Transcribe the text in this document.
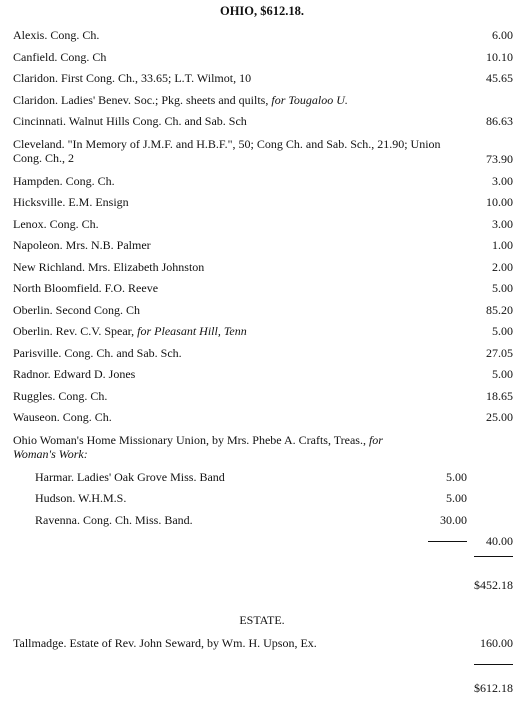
OHIO, $612.18.
Alexis. Cong. Ch.	6.00
Canfield. Cong. Ch	10.10
Claridon. First Cong. Ch., 33.65; L.T. Wilmot, 10	45.65
Claridon. Ladies' Benev. Soc.; Pkg. sheets and quilts, for Tougaloo U.
Cincinnati. Walnut Hills Cong. Ch. and Sab. Sch	86.63
Cleveland. "In Memory of J.M.F. and H.B.F.", 50; Cong Ch. and Sab. Sch., 21.90; Union Cong. Ch., 2	73.90
Hampden. Cong. Ch.	3.00
Hicksville. E.M. Ensign	10.00
Lenox. Cong. Ch.	3.00
Napoleon. Mrs. N.B. Palmer	1.00
New Richland. Mrs. Elizabeth Johnston	2.00
North Bloomfield. F.O. Reeve	5.00
Oberlin. Second Cong. Ch	85.20
Oberlin. Rev. C.V. Spear, for Pleasant Hill, Tenn	5.00
Parisville. Cong. Ch. and Sab. Sch.	27.05
Radnor. Edward D. Jones	5.00
Ruggles. Cong. Ch.	18.65
Wauseon. Cong. Ch.	25.00
Ohio Woman's Home Missionary Union, by Mrs. Phebe A. Crafts, Treas., for Woman's Work:
Harmar. Ladies' Oak Grove Miss. Band	5.00
Hudson. W.H.M.S.	5.00
Ravenna. Cong. Ch. Miss. Band.	30.00
40.00
$452.18
ESTATE.
Tallmadge. Estate of Rev. John Seward, by Wm. H. Upson, Ex.	160.00
$612.18
